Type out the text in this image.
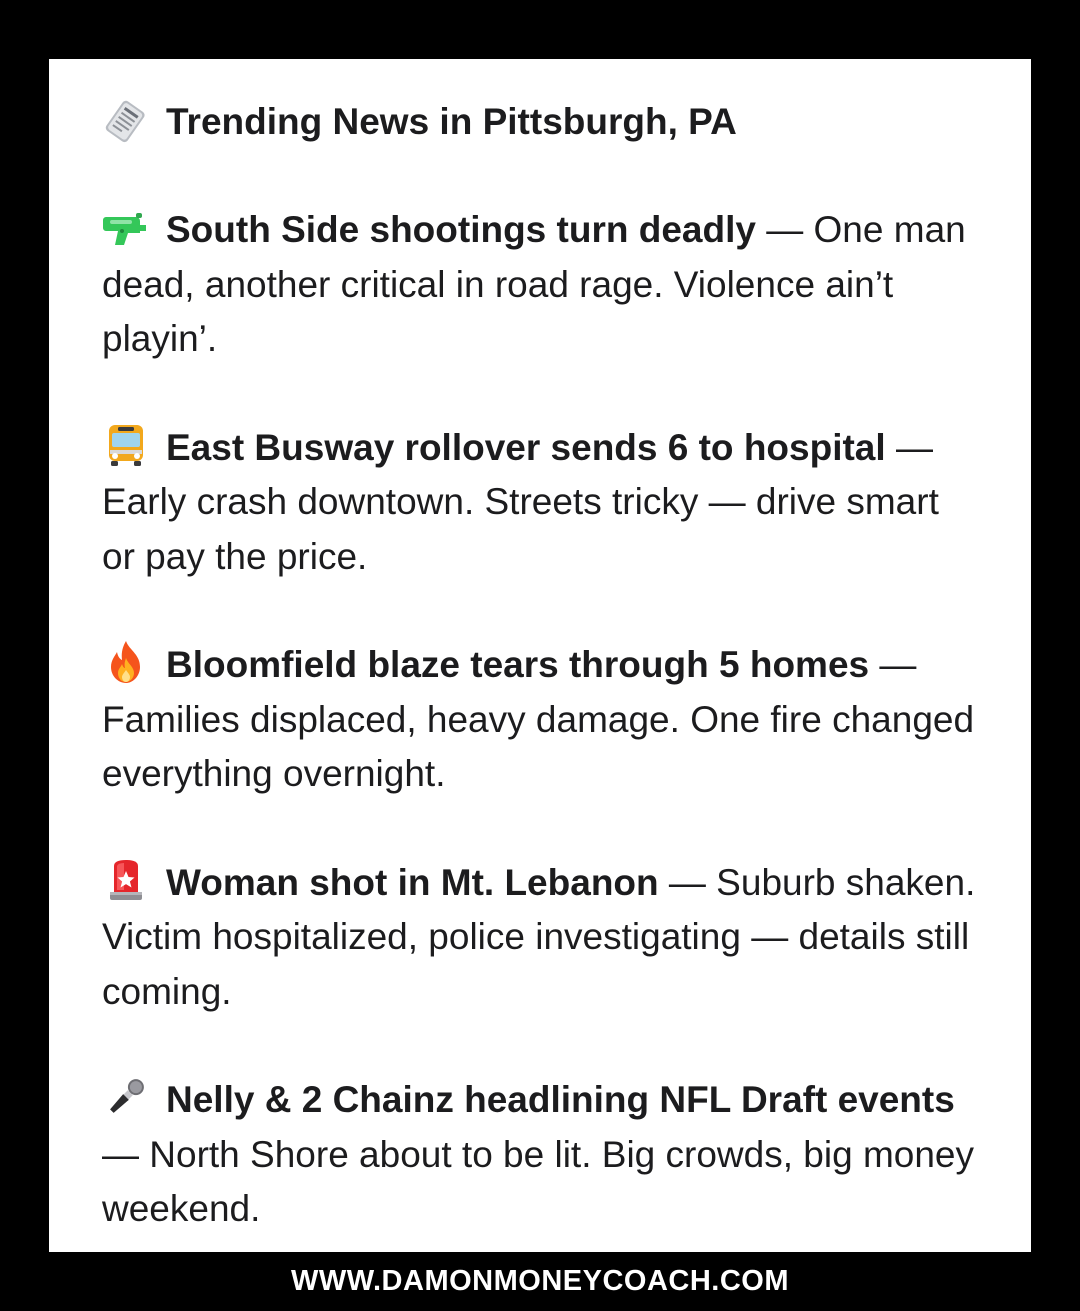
Trending News in Pittsburgh, PA

South Side shootings turn deadly — One man dead, another critical in road rage. Violence ain’t playin’.

East Busway rollover sends 6 to hospital — Early crash downtown. Streets tricky — drive smart or pay the price.

Bloomfield blaze tears through 5 homes — Families displaced, heavy damage. One fire changed everything overnight.

Woman shot in Mt. Lebanon — Suburb shaken. Victim hospitalized, police investigating — details still coming.

Nelly & 2 Chainz headlining NFL Draft events — North Shore about to be lit. Big crowds, big money weekend.

WWW.DAMONMONEYCOACH.COM
